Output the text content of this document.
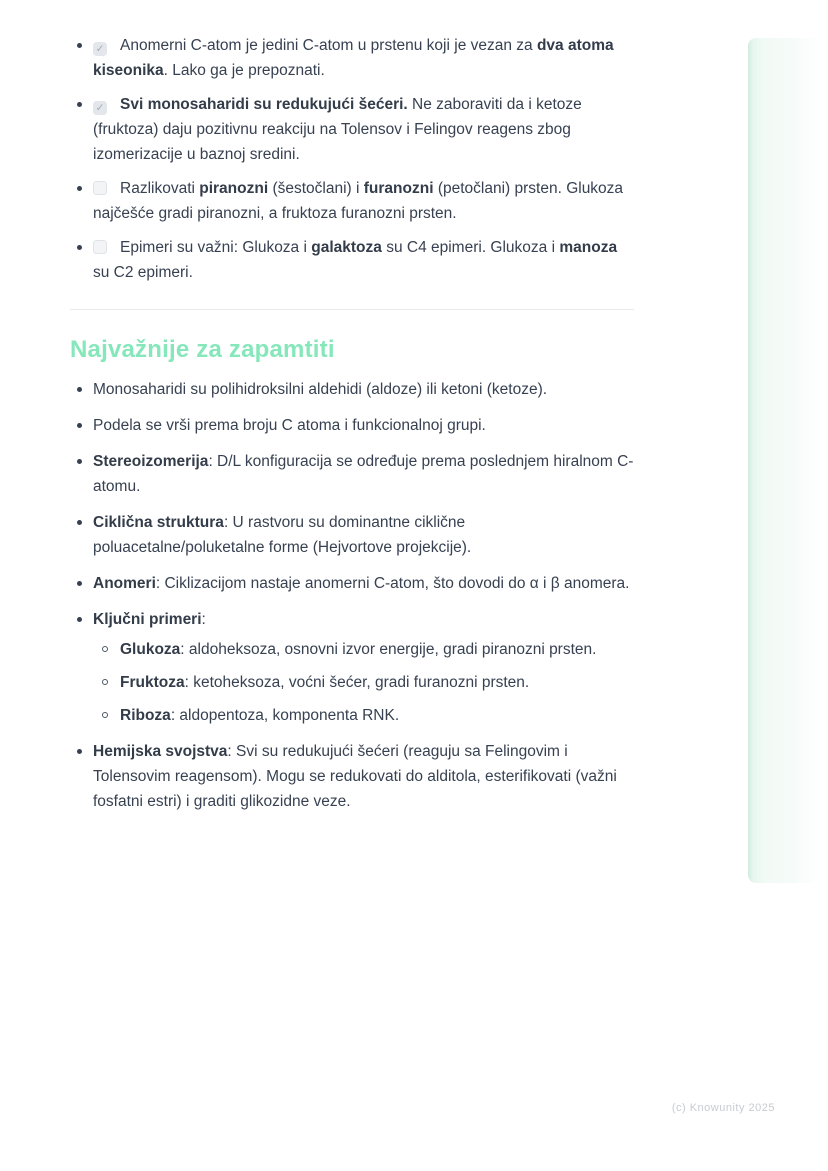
✓ Anomerni C-atom je jedini C-atom u prstenu koji je vezan za dva atoma kiseonika. Lako ga je prepoznati.
✓ Svi monosaharidi su redukujući šećeri. Ne zaboraviti da i ketoze (fruktoza) daju pozitivnu reakciju na Tolensov i Felingov reagens zbog izomerizacije u baznoj sredini.
Razlikovati piranozni (šestočlani) i furanozni (petočlani) prsten. Glukoza najčešće gradi piranozni, a fruktoza furanozni prsten.
Epimeri su važni: Glukoza i galaktoza su C4 epimeri. Glukoza i manoza su C2 epimeri.
Najvažnije za zapamtiti
Monosaharidi su polihidroksilni aldehidi (aldoze) ili ketoni (ketoze).
Podela se vrši prema broju C atoma i funkcionalnoj grupi.
Stereoizomerija: D/L konfiguracija se određuje prema poslednjem hiralnom C-atomu.
Ciklična struktura: U rastvoru su dominantne ciklične poluacetalne/poluketalne forme (Hejvortove projekcije).
Anomeri: Ciklizacijom nastaje anomerni C-atom, što dovodi do α i β anomera.
Ključni primeri:
Glukoza: aldoheksoza, osnovni izvor energije, gradi piranozni prsten.
Fruktoza: ketoheksoza, voćni šećer, gradi furanozni prsten.
Riboza: aldopentoza, komponenta RNK.
Hemijska svojstva: Svi su redukujući šećeri (reaguju sa Felingovim i Tolensovim reagensom). Mogu se redukovati do alditola, esterifikovati (važni fosfatni estri) i graditi glikozidne veze.
(c) Knowunity 2025
